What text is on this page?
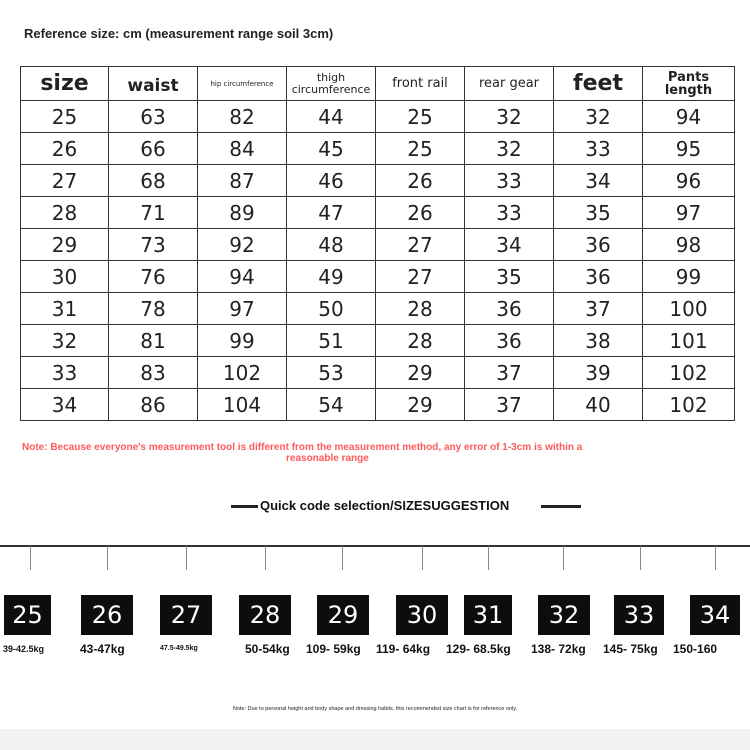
Reference size: cm (measurement range soil 3cm)
size	waist	hip circumference	thigh circumference	front rail	rear gear	feet	Pants length

25	63	82	44	25	32	32	94
26	66	84	45	25	32	33	95
27	68	87	46	26	33	34	96
28	71	89	47	26	33	35	97
29	73	92	48	27	34	36	98
30	76	94	49	27	35	36	99
31	78	97	50	28	36	37	100
32	81	99	51	28	36	38	101
33	83	102	53	29	37	39	102
34	86	104	54	29	37	40	102
Note: Because everyone's measurement tool is different from the measurement method, any error of 1-3cm is within a
reasonable range
Quick code selection/SIZESUGGESTION
25
39-42.5kg
26
43-47kg
27
47.5-49.5kg
28
50-54kg
29
109- 59kg
30
119- 64kg
31
129- 68.5kg
32
138- 72kg
33
145- 75kg
34
150-160
Note: Due to personal height and body shape and dressing habits, this recommended size chart is for reference only.
